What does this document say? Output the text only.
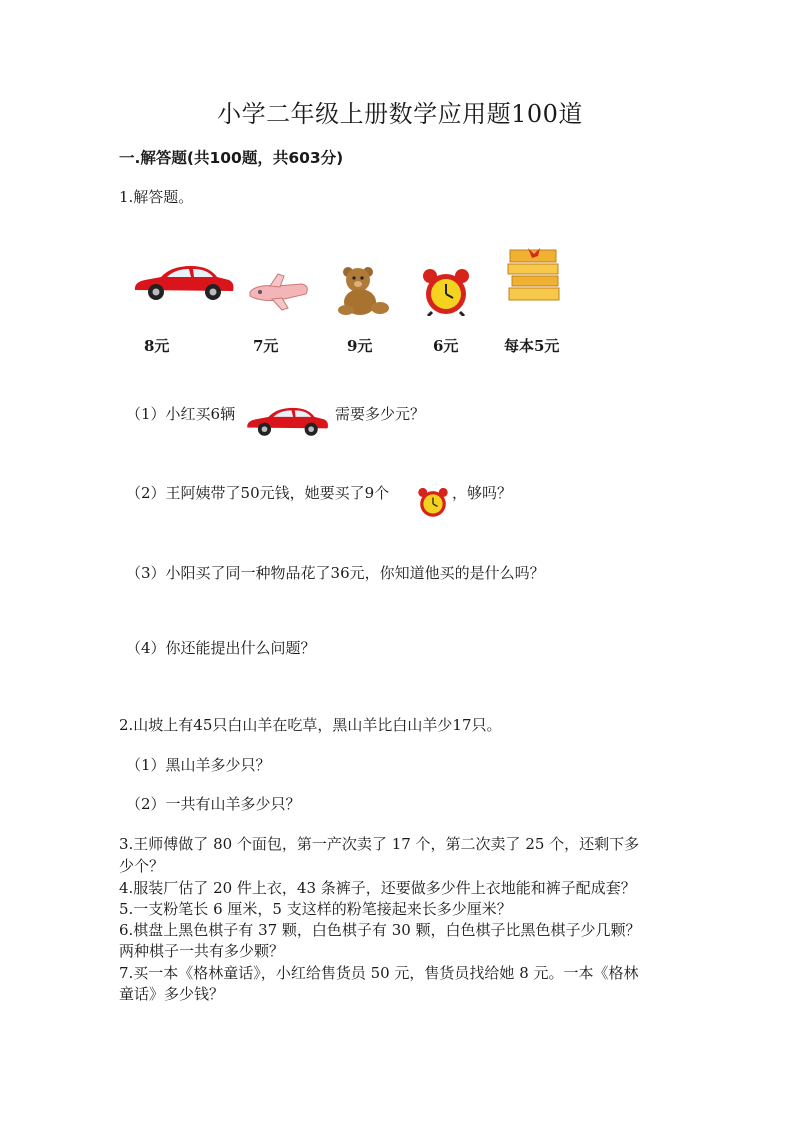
小学二年级上册数学应用题100道
一.解答题(共100题，共603分)
1.解答题。
8元	7元	9元	6元	每本5元
（1）小红买6辆	需要多少元？
（2）王阿姨带了50元钱，她要买了9个	，够吗？
（3）小阳买了同一种物品花了36元，你知道他买的是什么吗？
（4）你还能提出什么问题？
2.山坡上有45只白山羊在吃草，黑山羊比白山羊少17只。
（1）黑山羊多少只？
（2）一共有山羊多少只？
3.王师傅做了 80 个面包，第一产次卖了 17 个，第二次卖了 25 个，还剩下多
少个？
4.服装厂估了 20 件上衣，43 条裤子，还要做多少件上衣地能和裤子配成套？
5.一支粉笔长 6 厘米，5 支这样的粉笔接起来长多少厘米？
6.棋盘上黑色棋子有 37 颗，白色棋子有 30 颗，白色棋子比黑色棋子少几颗？
两种棋子一共有多少颗？
7.买一本《格林童话》，小红给售货员 50 元，售货员找给她 8 元。一本《格林
童话》多少钱？
